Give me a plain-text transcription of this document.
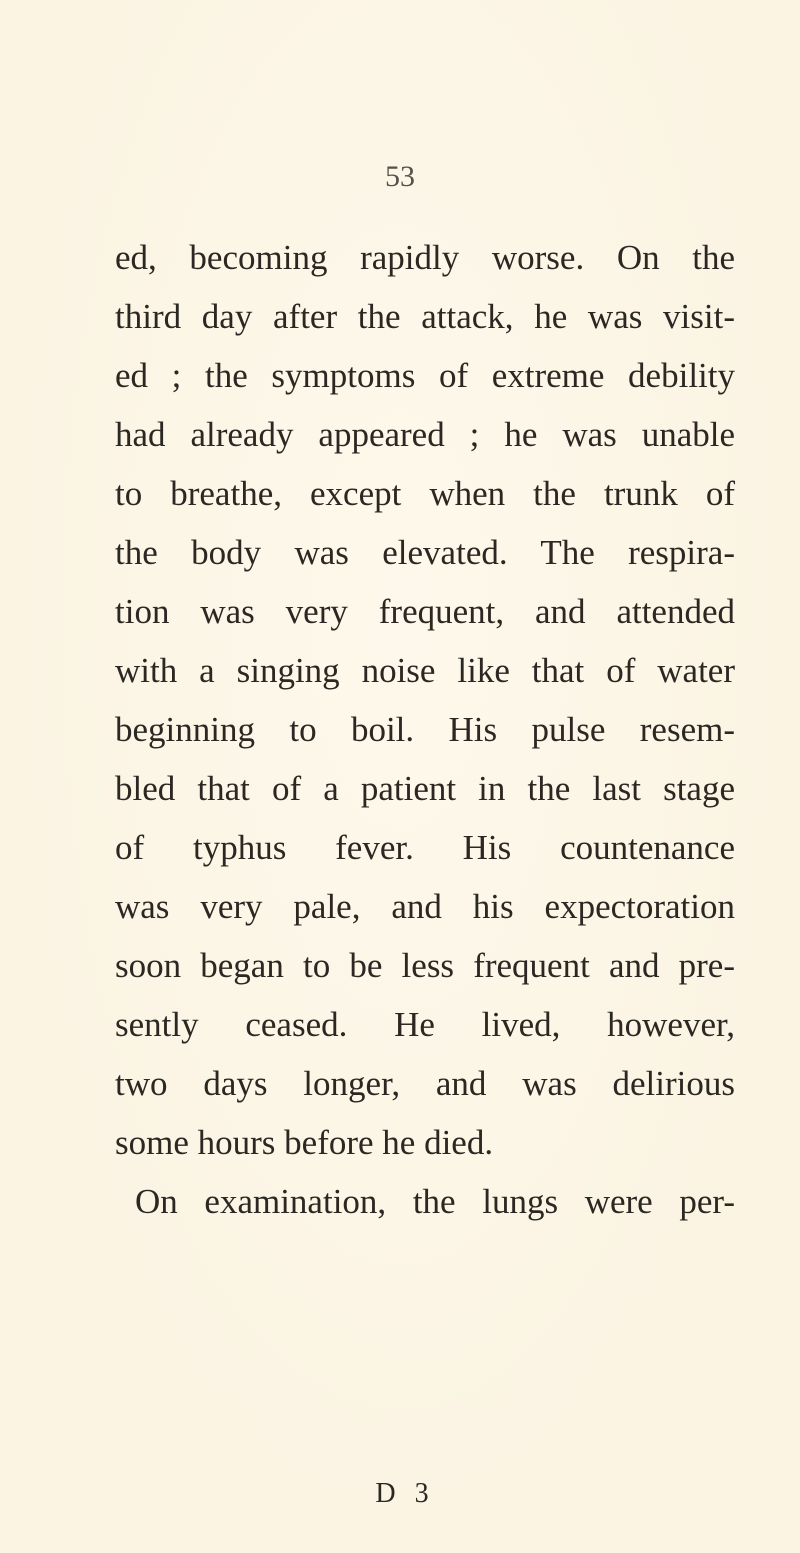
53
ed, becoming rapidly worse. On the
third day after the attack, he was visit-
ed ; the symptoms of extreme debility
had already appeared ; he was unable
to breathe, except when the trunk of
the body was elevated. The respira-
tion was very frequent, and attended
with a singing noise like that of water
beginning to boil. His pulse resem-
bled that of a patient in the last stage
of typhus fever. His countenance
was very pale, and his expectoration
soon began to be less frequent and pre-
sently ceased. He lived, however,
two days longer, and was delirious
some hours before he died.
On examination, the lungs were per-
D 3
